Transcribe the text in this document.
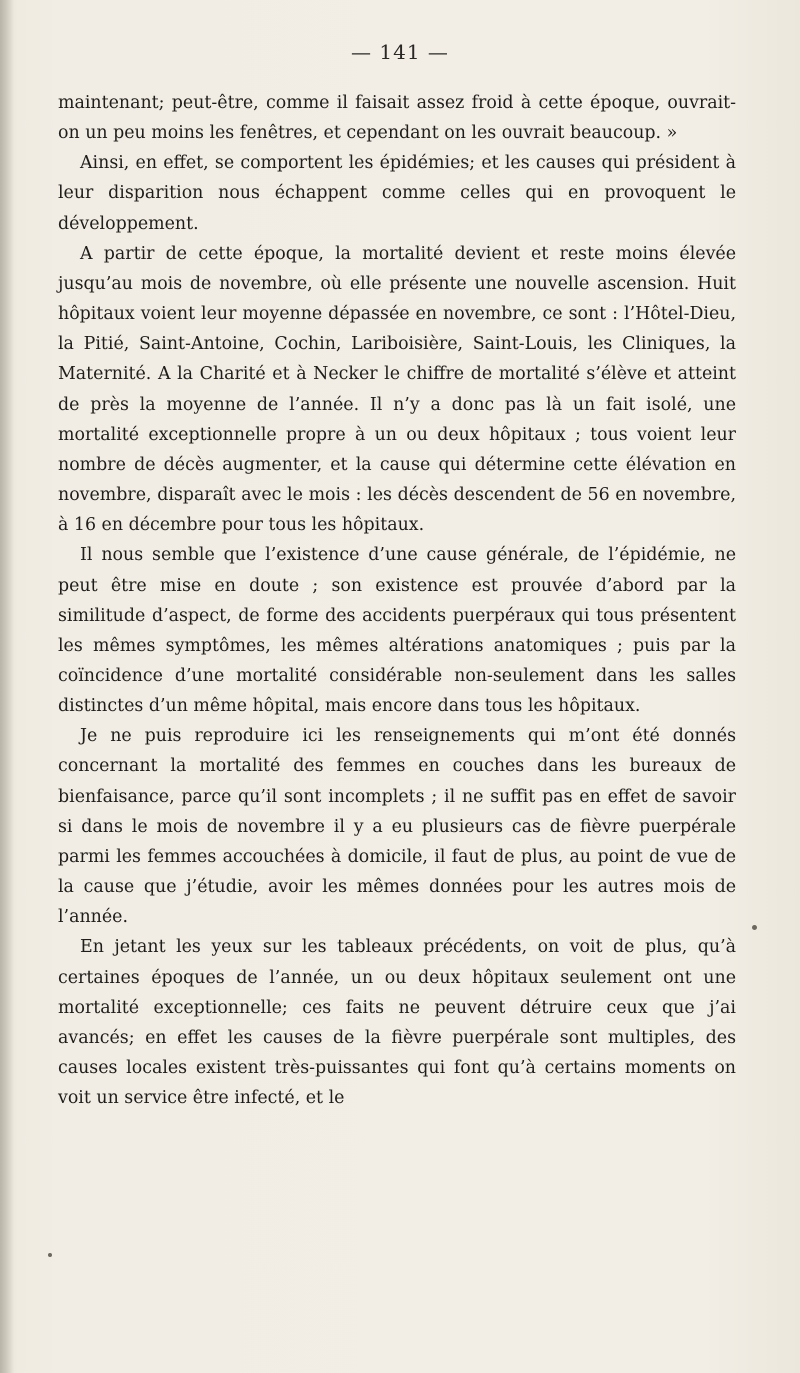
— 141 —

maintenant; peut-être, comme il faisait assez froid à cette époque, ouvrait-on un peu moins les fenêtres, et cependant on les ouvrait beaucoup. »

Ainsi, en effet, se comportent les épidémies; et les causes qui président à leur disparition nous échappent comme celles qui en provoquent le développement.

A partir de cette époque, la mortalité devient et reste moins élevée jusqu’au mois de novembre, où elle présente une nouvelle ascension. Huit hôpitaux voient leur moyenne dépassée en novembre, ce sont : l’Hôtel-Dieu, la Pitié, Saint-Antoine, Cochin, Lariboisière, Saint-Louis, les Cliniques, la Maternité. A la Charité et à Necker le chiffre de mortalité s’élève et atteint de près la moyenne de l’année. Il n’y a donc pas là un fait isolé, une mortalité exceptionnelle propre à un ou deux hôpitaux ; tous voient leur nombre de décès augmenter, et la cause qui détermine cette élévation en novembre, disparaît avec le mois : les décès descendent de 56 en novembre, à 16 en décembre pour tous les hôpitaux.

Il nous semble que l’existence d’une cause générale, de l’épidémie, ne peut être mise en doute ; son existence est prouvée d’abord par la similitude d’aspect, de forme des accidents puerpéraux qui tous présentent les mêmes symptômes, les mêmes altérations anatomiques ; puis par la coïncidence d’une mortalité considérable non-seulement dans les salles distinctes d’un même hôpital, mais encore dans tous les hôpitaux.

Je ne puis reproduire ici les renseignements qui m’ont été donnés concernant la mortalité des femmes en couches dans les bureaux de bienfaisance, parce qu’il sont incomplets ; il ne suffit pas en effet de savoir si dans le mois de novembre il y a eu plusieurs cas de fièvre puerpérale parmi les femmes accouchées à domicile, il faut de plus, au point de vue de la cause que j’étudie, avoir les mêmes données pour les autres mois de l’année.

En jetant les yeux sur les tableaux précédents, on voit de plus, qu’à certaines époques de l’année, un ou deux hôpitaux seulement ont une mortalité exceptionnelle; ces faits ne peuvent détruire ceux que j’ai avancés; en effet les causes de la fièvre puerpérale sont multiples, des causes locales existent très-puissantes qui font qu’à certains moments on voit un service être infecté, et le
